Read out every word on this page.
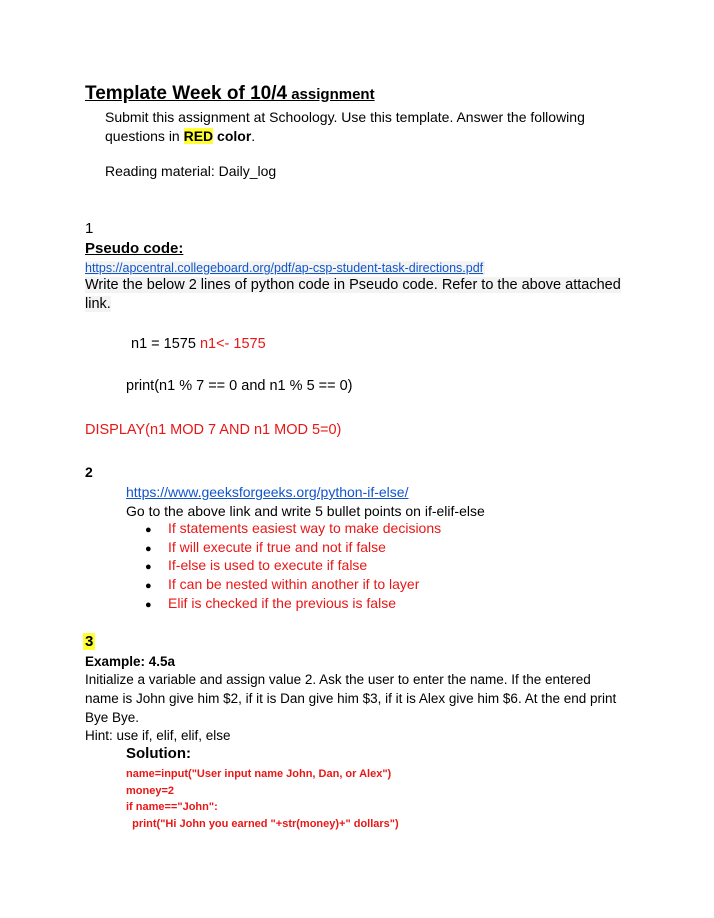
Template Week of 10/4 assignment
Submit this assignment at Schoology. Use this template. Answer the following questions in RED color.
Reading material: Daily_log
1
Pseudo code:
https://apcentral.collegeboard.org/pdf/ap-csp-student-task-directions.pdf
Write the below 2 lines of python code in Pseudo code. Refer to the above attached link.
n1 = 1575 n1<- 1575
print(n1 % 7 == 0 and n1 % 5 == 0)
DISPLAY(n1 MOD 7 AND n1 MOD 5=0)
2
https://www.geeksforgeeks.org/python-if-else/
Go to the above link and write 5 bullet points on if-elif-else
● If statements easiest way to make decisions
● If will execute if true and not if false
● If-else is used to execute if false
● If can be nested within another if to layer
● Elif is checked if the previous is false
3
Example: 4.5a
Initialize a variable and assign value 2. Ask the user to enter the name. If the entered name is John give him $2, if it is Dan give him $3, if it is Alex give him $6. At the end print Bye Bye.
Hint: use if, elif, elif, else
Solution:
name=input("User input name John, Dan, or Alex")
money=2
if name=="John":
print("Hi John you earned "+str(money)+" dollars")
